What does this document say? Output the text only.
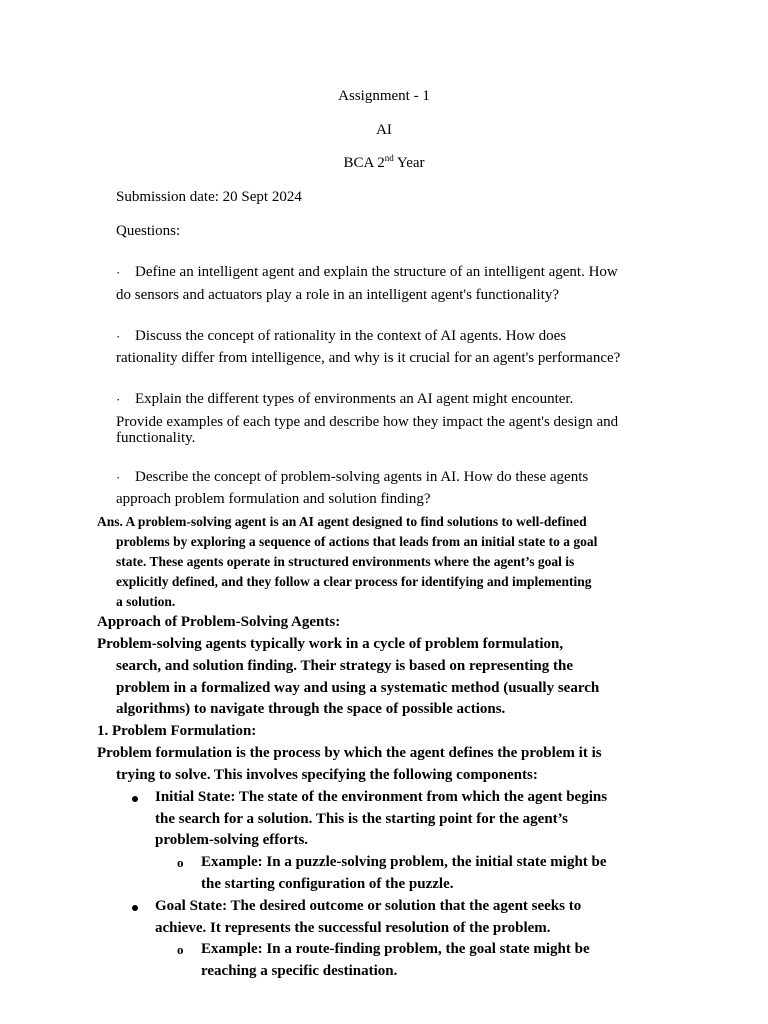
Assignment - 1
AI
BCA 2nd Year
Submission date: 20 Sept 2024
Questions:
· Define an intelligent agent and explain the structure of an intelligent agent. How
do sensors and actuators play a role in an intelligent agent's functionality?
· Discuss the concept of rationality in the context of AI agents. How does
rationality differ from intelligence, and why is it crucial for an agent's performance?
· Explain the different types of environments an AI agent might encounter.
Provide examples of each type and describe how they impact the agent's design and
functionality.
· Describe the concept of problem-solving agents in AI. How do these agents
approach problem formulation and solution finding?
Ans. A problem-solving agent is an AI agent designed to find solutions to well-defined
problems by exploring a sequence of actions that leads from an initial state to a goal
state. These agents operate in structured environments where the agent’s goal is
explicitly defined, and they follow a clear process for identifying and implementing
a solution.
Approach of Problem-Solving Agents:
Problem-solving agents typically work in a cycle of problem formulation,
search, and solution finding. Their strategy is based on representing the
problem in a formalized way and using a systematic method (usually search
algorithms) to navigate through the space of possible actions.
1. Problem Formulation:
Problem formulation is the process by which the agent defines the problem it is
trying to solve. This involves specifying the following components:
Initial State: The state of the environment from which the agent begins
the search for a solution. This is the starting point for the agent’s
problem-solving efforts.
o Example: In a puzzle-solving problem, the initial state might be
the starting configuration of the puzzle.
Goal State: The desired outcome or solution that the agent seeks to
achieve. It represents the successful resolution of the problem.
o Example: In a route-finding problem, the goal state might be
reaching a specific destination.
